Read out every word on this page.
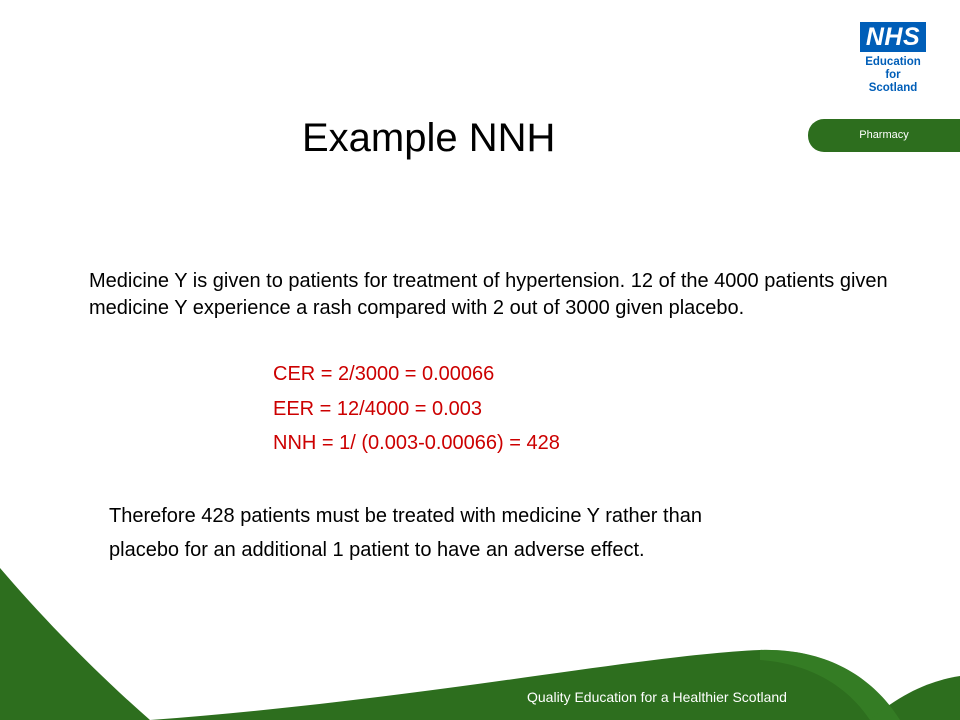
NHS
Education
for
Scotland
Pharmacy
Example NNH
Medicine Y is given to patients for treatment of hypertension. 12 of the 4000 patients given medicine Y experience a rash compared with 2 out of 3000 given placebo.
CER = 2/3000 = 0.00066
EER = 12/4000 = 0.003
NNH = 1/ (0.003-0.00066) = 428
Therefore 428 patients must be treated with medicine Y rather than placebo for an additional 1 patient to have an adverse effect.
Quality Education for a Healthier Scotland
